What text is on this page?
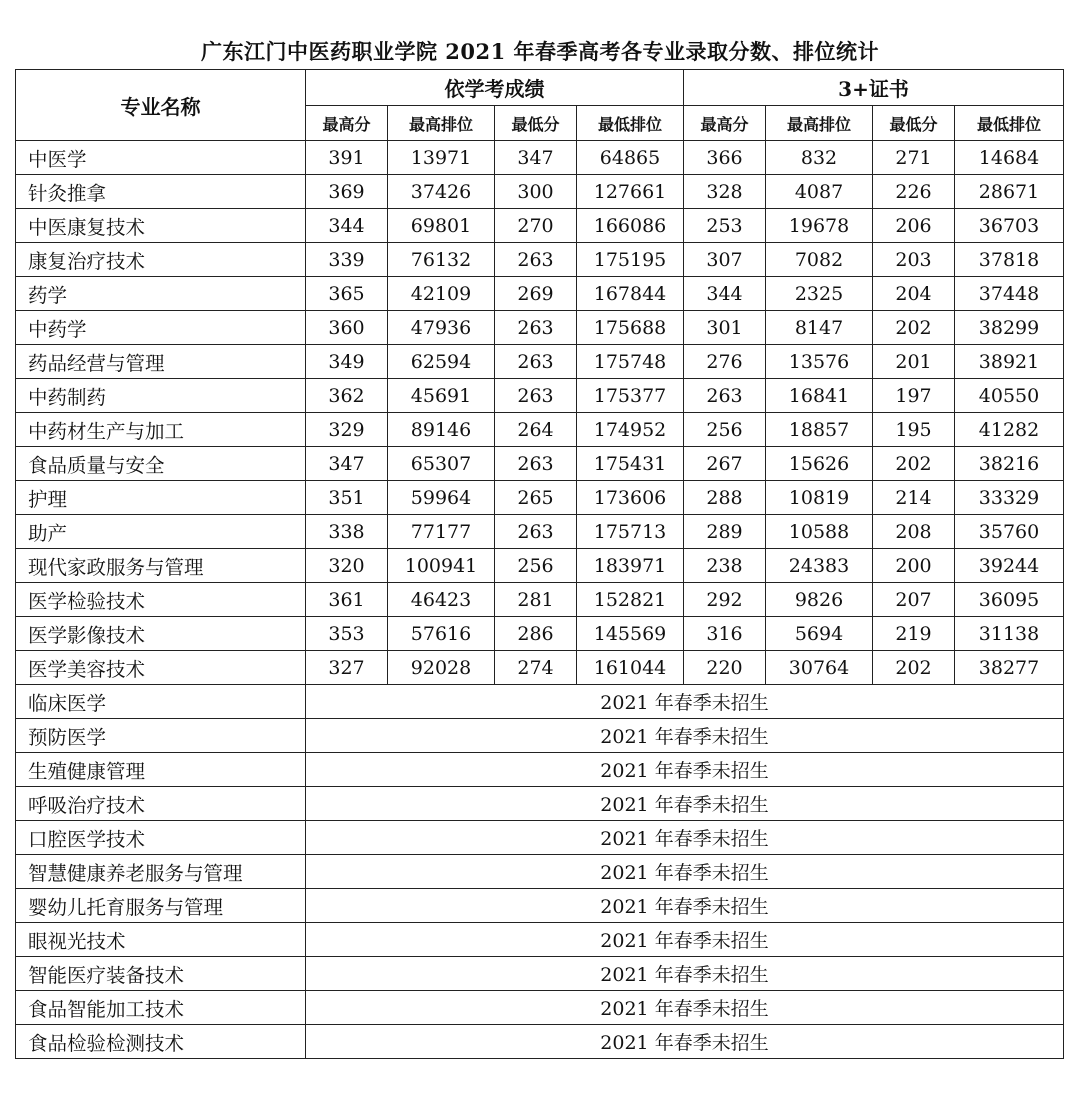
广东江门中医药职业学院 2021 年春季高考各专业录取分数、排位统计
专业名称	依学考成绩				3+证书			
	最高分	最高排位	最低分	最低排位	最高分	最高排位	最低分	最低排位
中医学	391	13971	347	64865	366	832	271	14684
针灸推拿	369	37426	300	127661	328	4087	226	28671
中医康复技术	344	69801	270	166086	253	19678	206	36703
康复治疗技术	339	76132	263	175195	307	7082	203	37818
药学	365	42109	269	167844	344	2325	204	37448
中药学	360	47936	263	175688	301	8147	202	38299
药品经营与管理	349	62594	263	175748	276	13576	201	38921
中药制药	362	45691	263	175377	263	16841	197	40550
中药材生产与加工	329	89146	264	174952	256	18857	195	41282
食品质量与安全	347	65307	263	175431	267	15626	202	38216
护理	351	59964	265	173606	288	10819	214	33329
助产	338	77177	263	175713	289	10588	208	35760
现代家政服务与管理	320	100941	256	183971	238	24383	200	39244
医学检验技术	361	46423	281	152821	292	9826	207	36095
医学影像技术	353	57616	286	145569	316	5694	219	31138
医学美容技术	327	92028	274	161044	220	30764	202	38277
临床医学	2021 年春季未招生							
预防医学	2021 年春季未招生							
生殖健康管理	2021 年春季未招生							
呼吸治疗技术	2021 年春季未招生							
口腔医学技术	2021 年春季未招生							
智慧健康养老服务与管理	2021 年春季未招生							
婴幼儿托育服务与管理	2021 年春季未招生							
眼视光技术	2021 年春季未招生							
智能医疗装备技术	2021 年春季未招生							
食品智能加工技术	2021 年春季未招生							
食品检验检测技术	2021 年春季未招生							
